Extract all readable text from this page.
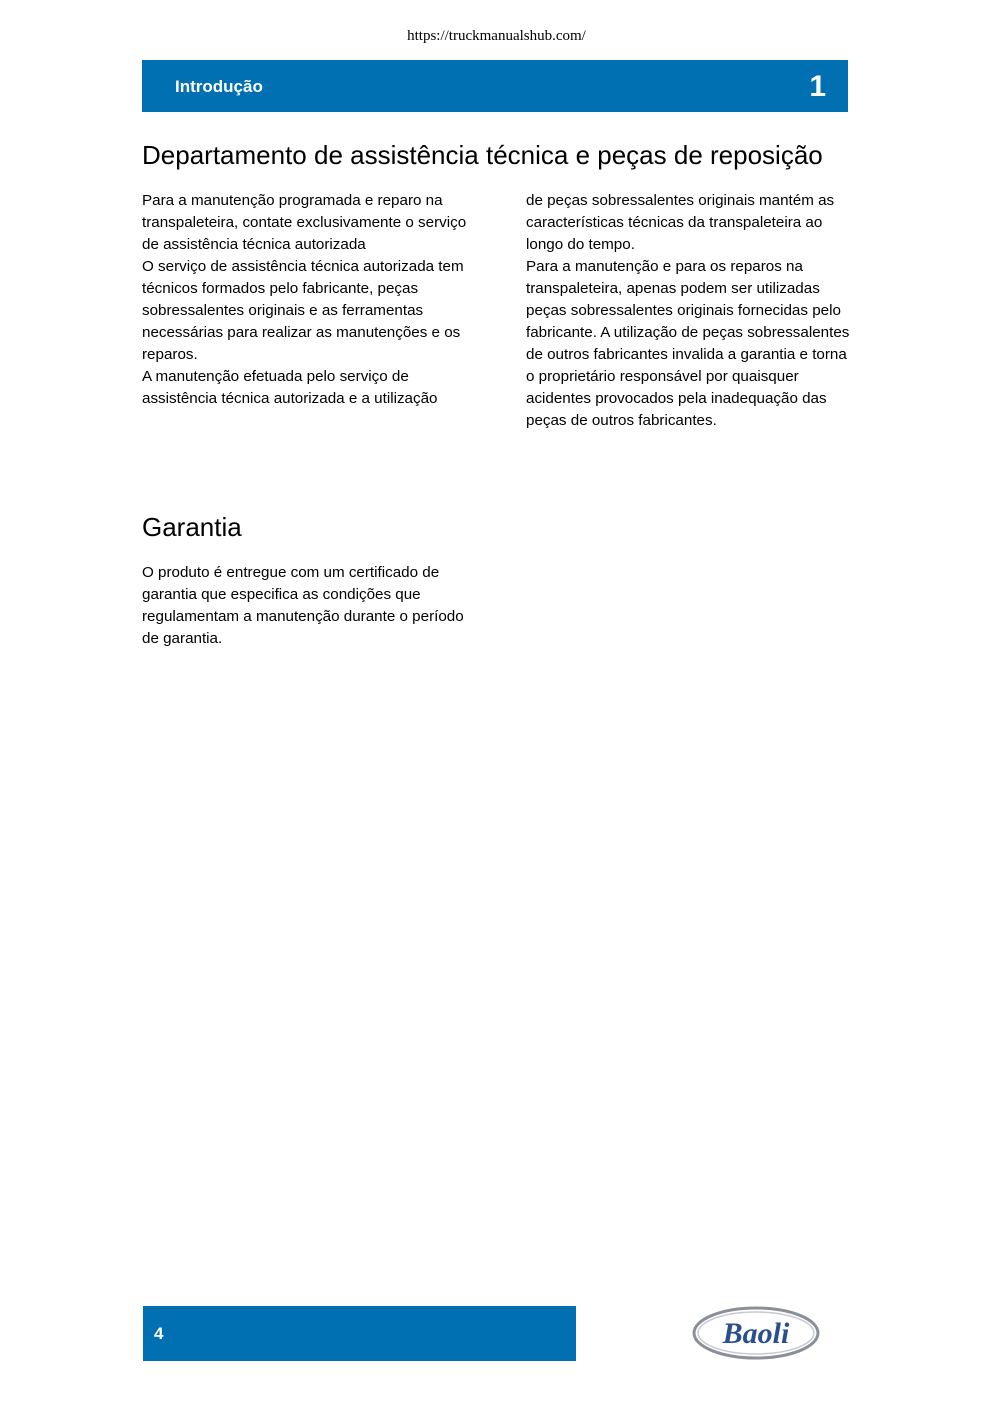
https://truckmanualshub.com/
Introdução	1
Departamento de assistência técnica e peças de reposição

Para a manutenção programada e reparo na transpaleteira, contate exclusivamente o serviço de assistência técnica autorizada

O serviço de assistência técnica autorizada tem técnicos formados pelo fabricante, peças sobressalentes originais e as ferramentas necessárias para realizar as manutenções e os reparos.

A manutenção efetuada pelo serviço de assistência técnica autorizada e a utilização

de peças sobressalentes originais mantém as características técnicas da transpaleteira ao longo do tempo.

Para a manutenção e para os reparos na transpaleteira, apenas podem ser utilizadas peças sobressalentes originais fornecidas pelo fabricante. A utilização de peças sobressalentes de outros fabricantes invalida a garantia e torna o proprietário responsável por quaisquer acidentes provocados pela inadequação das peças de outros fabricantes.

Garantia

O produto é entregue com um certificado de garantia que especifica as condições que regulamentam a manutenção durante o período de garantia.

4	Baoli
